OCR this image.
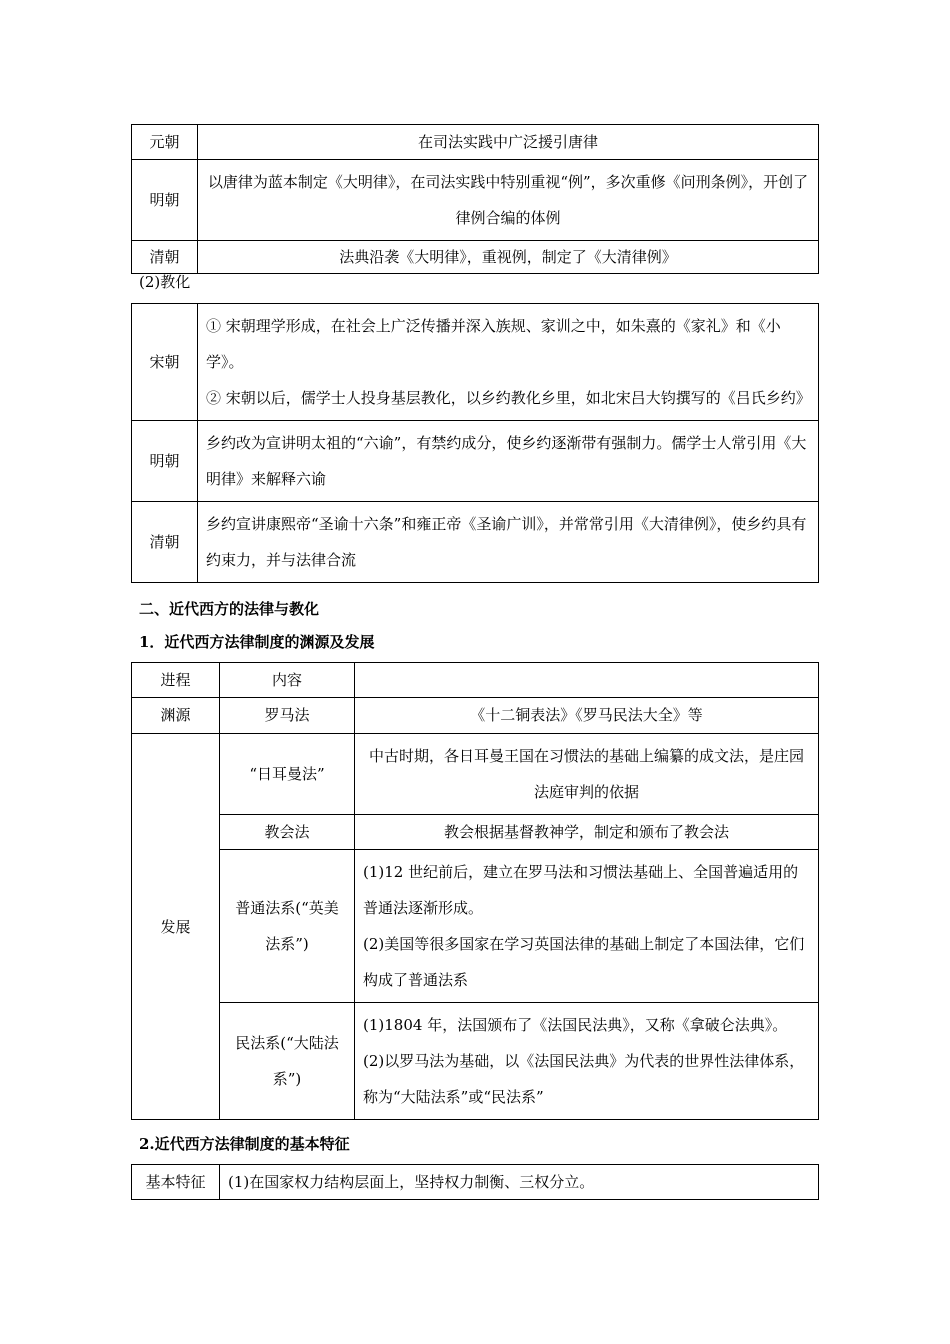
元朝	在司法实践中广泛援引唐律
明朝	以唐律为蓝本制定《大明律》，在司法实践中特别重视“例”，多次重修《问刑条例》，开创了律例合编的体例
清朝	法典沿袭《大明律》，重视例，制定了《大清律例》
(2)教化
宋朝	① 宋朝理学形成，在社会上广泛传播并深入族规、家训之中，如朱熹的《家礼》和《小学》。
② 宋朝以后，儒学士人投身基层教化，以乡约教化乡里，如北宋吕大钧撰写的《吕氏乡约》

明朝	乡约改为宣讲明太祖的“六谕”，有禁约成分，使乡约逐渐带有强制力。儒学士人常引用《大明律》来解释六谕
清朝	乡约宣讲康熙帝“圣谕十六条”和雍正帝《圣谕广训》，并常常引用《大清律例》，使乡约具有约束力，并与法律合流
二、近代西方的法律与教化
1．近代西方法律制度的渊源及发展
进程	内容	
渊源	罗马法	《十二铜表法》《罗马民法大全》等
发展	“日耳曼法”	中古时期，各日耳曼王国在习惯法的基础上编纂的成文法，是庄园法庭审判的依据
	教会法	教会根据基督教神学，制定和颁布了教会法
	普通法系(“英美法系”)	(1)12 世纪前后，建立在罗马法和习惯法基础上、全国普遍适用的普通法逐渐形成。
(2)美国等很多国家在学习英国法律的基础上制定了本国法律，它们构成了普通法系

	民法系(“大陆法系”)	(1)1804 年，法国颁布了《法国民法典》，又称《拿破仑法典》。
(2)以罗马法为基础，以《法国民法典》为代表的世界性法律体系，称为“大陆法系”或“民法系”
2.近代西方法律制度的基本特征
基本特征	(1)在国家权力结构层面上，坚持权力制衡、三权分立。
